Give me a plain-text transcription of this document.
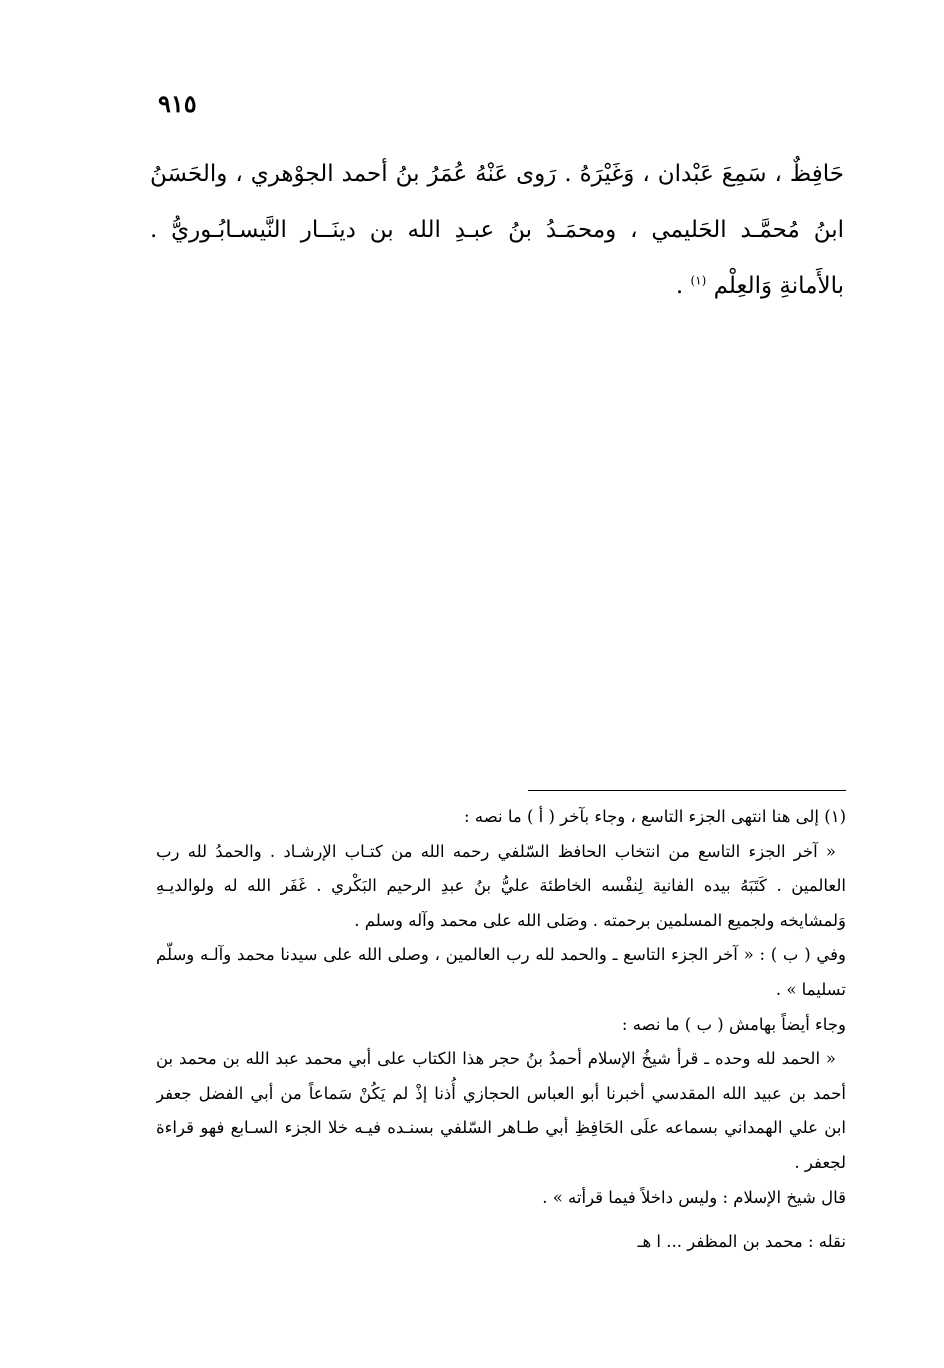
٩١٥
حَافِظٌ ، سَمِعَ عَبْدان ، وَغَيْرَهُ . رَوى عَنْهُ عُمَرُ بنُ أحمد الجوْهري ، والحَسَنُ
ابنُ مُحمَّـد الحَليمي ، ومحمَـدُ بنُ عبـدِ الله بن دينَــار النَّيسـابُـوريُّ .
بالأَمانةِ وَالعِلْم $^{(١)}$ .
(١) إلى هنا انتهى الجزء التاسع ، وجاء بآخر ( أ ) ما نصه :
« آخر الجزء التاسع من انتخاب الحافظ السّلفي رحمه الله من كتـاب الإرشـاد . والحمدُ لله رب
العالمين . كَتَبَهُ بيده الفانية لِنفْسه الخاطئة عليُّ بنُ عبدِ الرحيم البَكْري . غَفَر الله له ولوالديـهِ
وَلمشايخه ولجميع المسلمين برحمته . وصَلى الله على محمد وآله وسلم .
وفي ( ب ) : « آخر الجزء التاسع ـ والحمد لله رب العالمين ، وصلى الله على سيدنا محمد وآلـه وسلّم
تسليما » .
وجاء أيضاً بهامش ( ب ) ما نصه :
« الحمد لله وحده ـ قرأ شيخُ الإسلام أحمدُ بنُ حجر هذا الكتاب على أبي محمد عبد الله بن محمد بن
أحمد بن عبيد الله المقدسي أخبرنا أبو العباس الحجازي أُذنا إذْ لم يَكُنْ سَماعاً من أبي الفضل جعفر
ابن علي الهمداني بسماعه علَى الحَافِظِ أبي طـاهر السّلفي بسنـده فيـه خلا الجزء السـابع فهو قراءة
لجعفر .
قال شيخ الإسلام : وليس داخلاً فيما قرأته » .
نقله : محمد بن المظفر ... ا هـ
